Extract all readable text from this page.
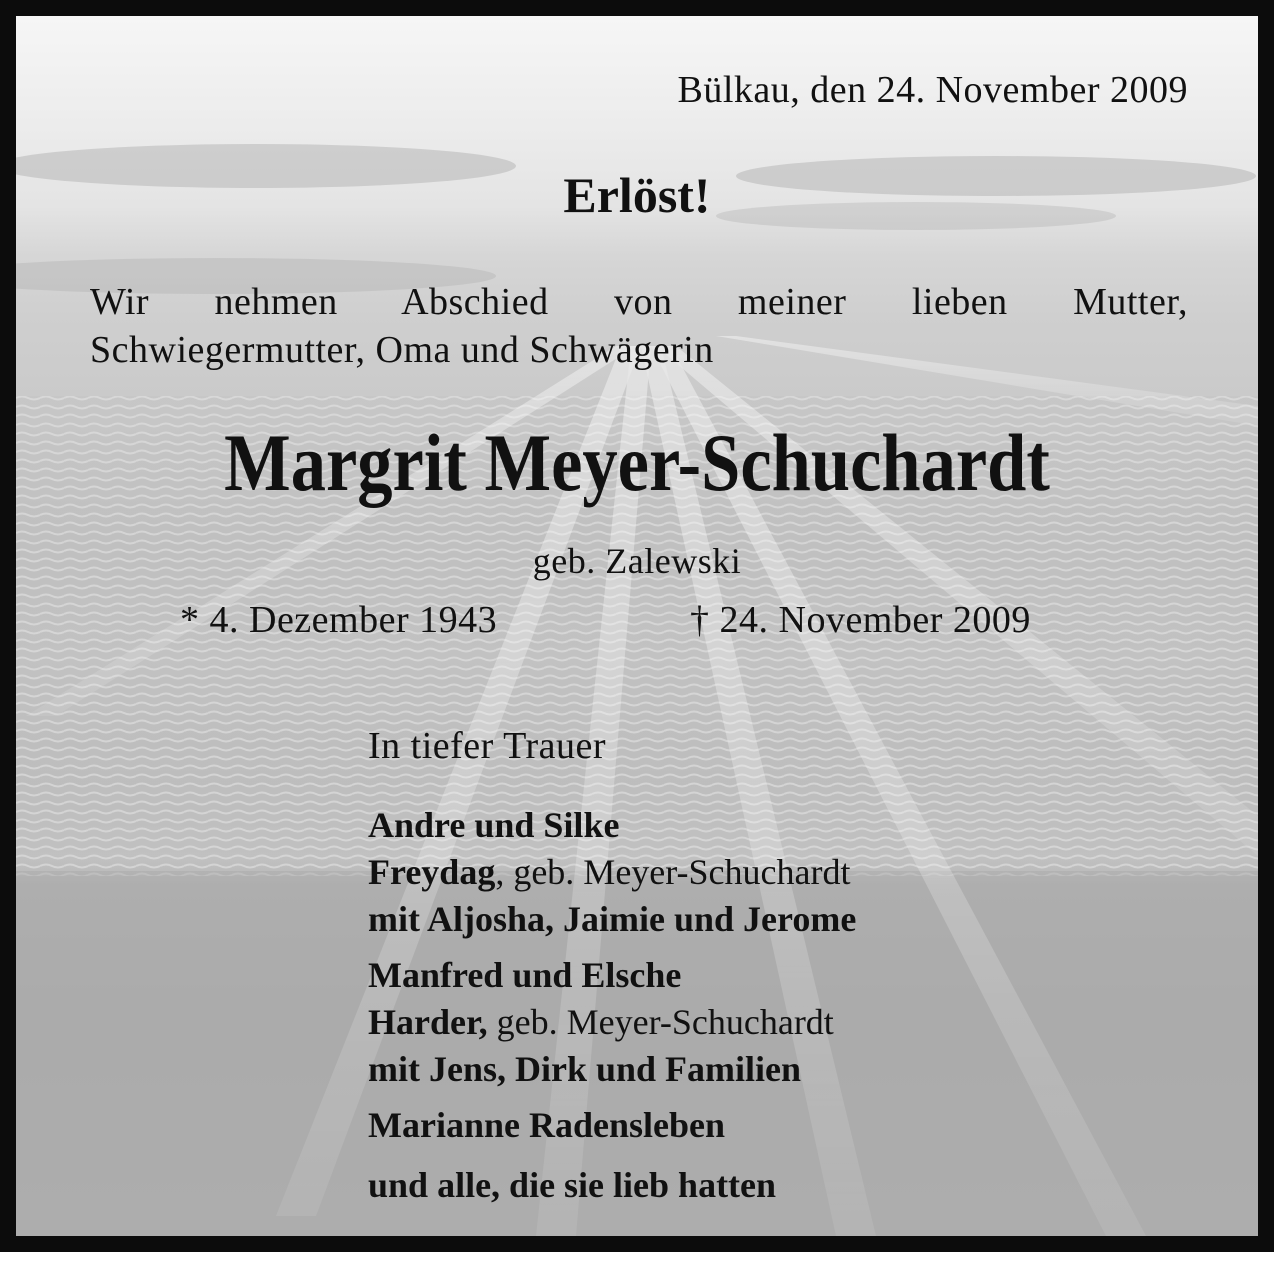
Bülkau, den 24. November 2009
Erlöst!
Wir nehmen Abschied von meiner lieben Mutter,
Schwiegermutter, Oma und Schwägerin
Margrit Meyer-Schuchardt
geb. Zalewski
* 4. Dezember 1943	† 24. November 2009
In tiefer Trauer
Andre und Silke
Freydag, geb. Meyer-Schuchardt
mit Aljosha, Jaimie und Jerome
Manfred und Elsche
Harder, geb. Meyer-Schuchardt
mit Jens, Dirk und Familien
Marianne Radensleben
und alle, die sie lieb hatten
